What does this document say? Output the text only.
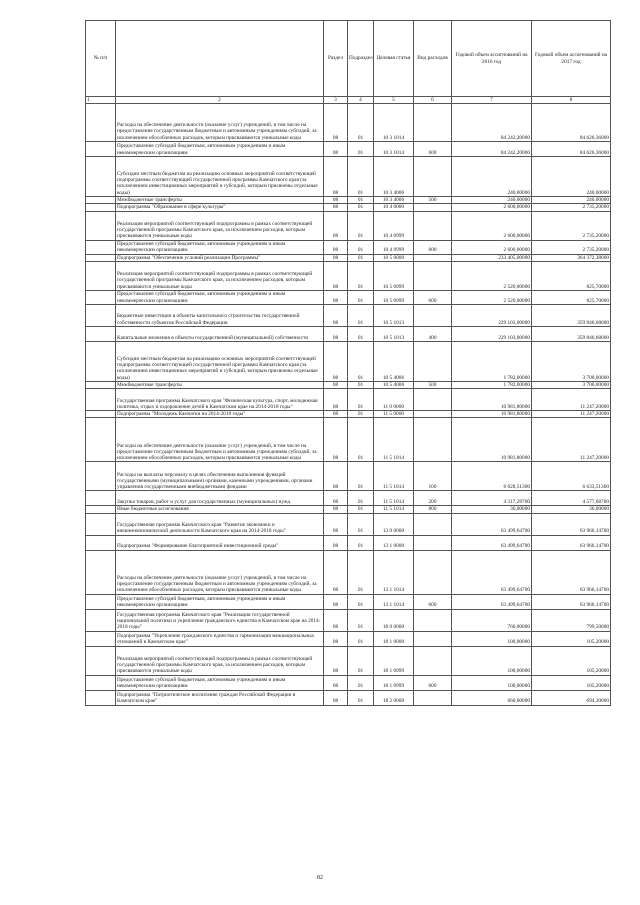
№ п/п		Раздел	Подраздел	Целевая статья	Вид расходов	Годовой объем ассигнований на 2016 год	Годовой объем ассигнований на 2017 год
1	2	3	4	5	6	7	8
	Расходы на обеспечение деятельности (оказание услуг) учреждений, в том числе на предоставление государственным бюджетным и автономным учреждениям субсидий, за исключением обособленных расходов, которым присваиваются уникальные коды	08	01	10 3 1014		84 242,20000	84 626,36000
	Предоставление субсидий бюджетным, автономным учреждениям и иным некоммерческим организациям	08	01	10 3 1014	600	84 242,20000	84 626,36000
	Субсидии местным бюджетам на реализацию основных мероприятий соответствующей подпрограммы соответствующей государственной программы Камчатского края (за исключением инвестиционных мероприятий и субсидий, которым присвоены отдельные коды)	08	01	10 3 4006		240,00000	240,00000
	Межбюджетные трансферты	08	01	10 3 4006	500	240,00000	240,00000
	Подпрограмма "Образование в сфере культуры"	08	01	10 4 0000		2 600,00000	2 735,20000
	Реализация мероприятий соответствующей подпрограммы в рамках соответствующей государственной программы Камчатского края, за исключением расходов, которым присваиваются уникальные коды	08	01	10 4 0999		2 600,00000	2 735,20000
	Предоставление субсидий бюджетным, автономным учреждениям и иным некоммерческим организациям	08	01	10 4 0999	600	2 600,00000	2 735,20000
	Подпрограмма "Обеспечение условий реализации Программы"	08	01	10 5 0000		233 405,00000	364 372,38000
	Реализация мероприятий соответствующей подпрограммы в рамках соответствующей государственной программы Камчатского края, за исключением расходов, которым присваиваются уникальные коды	08	01	10 5 0999		2 520,00000	825,70000
	Предоставление субсидий бюджетным, автономным учреждениям и иным некоммерческим организациям	08	01	10 5 0999	600	2 520,00000	825,70000
	Бюджетные инвестиции в объекты капитального строительства государственной собственности субъектов Российской Федерации	08	01	10 5 1013		229 103,00000	359 846,68000
	Капитальные вложения в объекты государственной (муниципальной) собственности	08	01	10 5 1013	400	229 103,00000	359 846,68000
	Субсидии местным бюджетам на реализацию основных мероприятий соответствующей подпрограммы соответствующей государственной программы Камчатского края (за исключением инвестиционных мероприятий и субсидий, которым присвоены отдельные коды)	08	01	10 5 4006		1 782,00000	3 700,00000
	Межбюджетные трансферты	08	01	10 5 4006	500	1 782,00000	3 700,00000
	Государственная программа Камчатского края "Физическая культура, спорт, молодежная политика, отдых и оздоровление детей в Камчатском крае на 2014-2018 годы"	08	01	11 0 0000		10 981,80000	11 247,20000
	Подпрограмма "Молодежь Камчатки на 2014-2018 годы"	08	01	11 5 0000		10 981,80000	11 247,20000
	Расходы на обеспечение деятельности (оказание услуг) учреждений, в том числе на предоставление государственным бюджетным и автономным учреждениям субсидий, за исключением обособленных расходов, которым присваиваются уникальные коды	08	01	11 5 1014		10 981,80000	11 247,20000
	Расходы на выплаты персоналу в целях обеспечения выполнения функций государственными (муниципальными) органами, казенными учреждениями, органами управления государственными внебюджетными фондами	08	01	11 5 1014	100	6 628,51300	6 633,51300
	Закупка товаров, работ и услуг для государственных (муниципальных) нужд	08	01	11 5 1014	200	4 317,28700	4 577,68700
	Иные бюджетные ассигнования	08	01	11 5 1014	800	36,00000	36,00000
	Государственная программа Камчатского края "Развитие экономики и внешнеэкономической деятельности Камчатского края на 2014-2018 годы"	08	01	13 0 0000		63 499,64700	63 966,14700
	Подпрограмма "Формирование благоприятной инвестиционной среды"	08	01	13 1 0000		63 499,64700	63 966,14700
	Расходы на обеспечение деятельности (оказание услуг) учреждений, в том числе на предоставление государственным бюджетным и автономным учреждениям субсидий, за исключением обособленных расходов, которым присваиваются уникальные коды	08	01	13 1 1014		63 499,64700	63 966,14700
	Предоставление субсидий бюджетным, автономным учреждениям и иным некоммерческим организациям	08	01	13 1 1014	600	63 499,64700	63 966,14700
	Государственная программа Камчатского края "Реализация государственной национальной политики и укрепление гражданского единства в Камчатском крае на 2014-2018 годы"	08	01	18 0 0000		760,00000	799,50000
	Подпрограмма "Укрепление гражданского единства и гармонизация межнациональных отношений в Камчатском крае"	08	01	18 1 0000		100,00000	105,20000
	Реализация мероприятий соответствующей подпрограммы в рамках соответствующей государственной программы Камчатского края, за исключением расходов, которым присваиваются уникальные коды	08	01	18 1 0999		100,00000	105,20000
	Предоставление субсидий бюджетным, автономным учреждениям и иным некоммерческим организациям	08	01	18 1 0999	600	100,00000	105,20000
	Подпрограмма "Патриотическое воспитание граждан Российской Федерации в Камчатском крае"	08	01	18 2 0000		660,00000	694,30000
82
